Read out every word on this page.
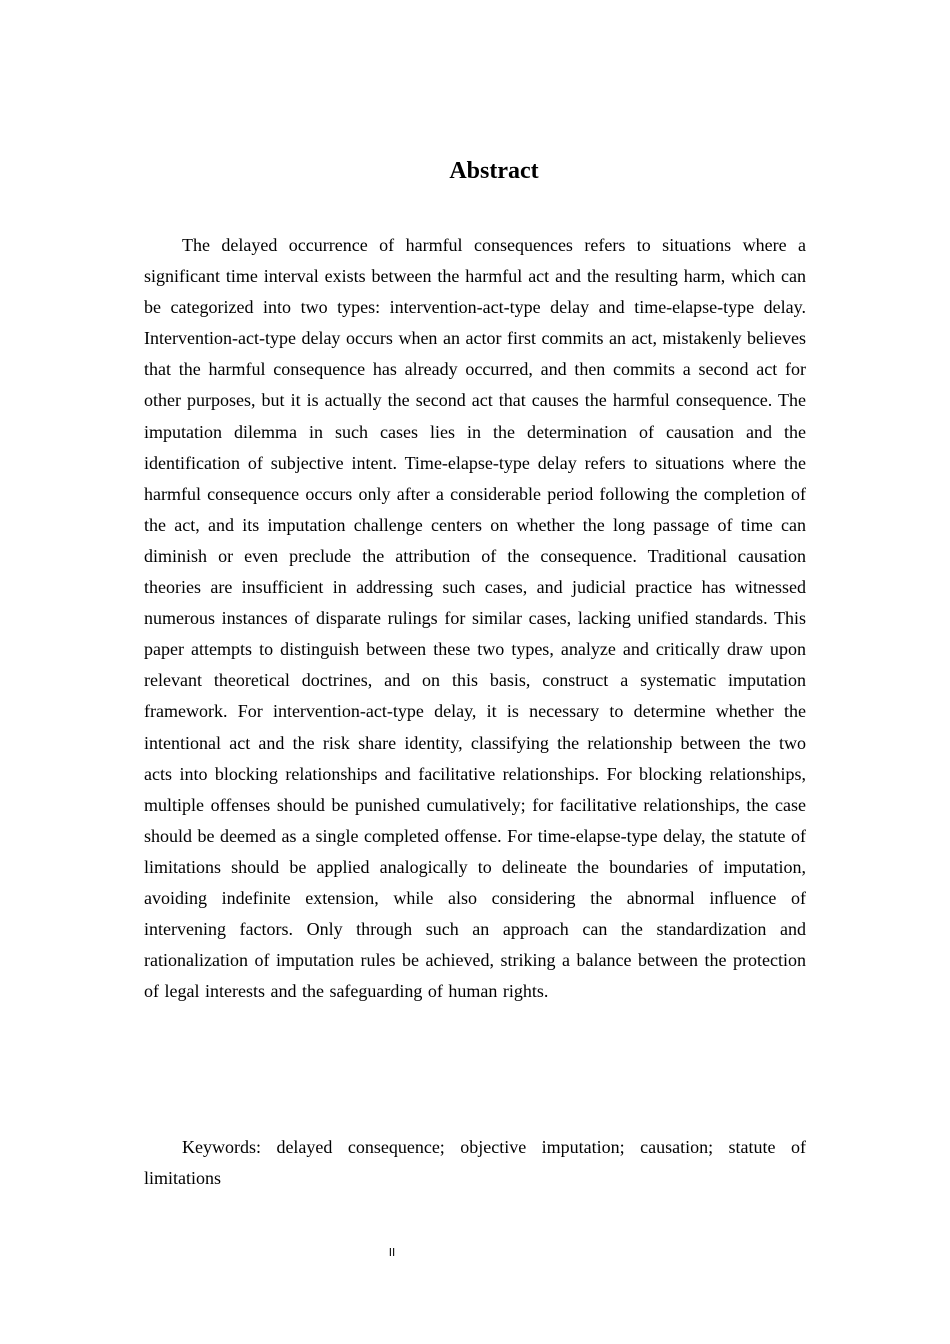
Abstract

The delayed occurrence of harmful consequences refers to situations where a significant time interval exists between the harmful act and the resulting harm, which can be categorized into two types: intervention-act-type delay and time-elapse-type delay. Intervention-act-type delay occurs when an actor first commits an act, mistakenly believes that the harmful consequence has already occurred, and then commits a second act for other purposes, but it is actually the second act that causes the harmful consequence. The imputation dilemma in such cases lies in the determination of causation and the identification of subjective intent. Time-elapse-type delay refers to situations where the harmful consequence occurs only after a considerable period following the completion of the act, and its imputation challenge centers on whether the long passage of time can diminish or even preclude the attribution of the consequence. Traditional causation theories are insufficient in addressing such cases, and judicial practice has witnessed numerous instances of disparate rulings for similar cases, lacking unified standards. This paper attempts to distinguish between these two types, analyze and critically draw upon relevant theoretical doctrines, and on this basis, construct a systematic imputation framework. For intervention-act-type delay, it is necessary to determine whether the intentional act and the risk share identity, classifying the relationship between the two acts into blocking relationships and facilitative relationships. For blocking relationships, multiple offenses should be punished cumulatively; for facilitative relationships, the case should be deemed as a single completed offense. For time-elapse-type delay, the statute of limitations should be applied analogically to delineate the boundaries of imputation, avoiding indefinite extension, while also considering the abnormal influence of intervening factors. Only through such an approach can the standardization and rationalization of imputation rules be achieved, striking a balance between the protection of legal interests and the safeguarding of human rights.

Keywords: delayed consequence; objective imputation; causation; statute of limitations

II
